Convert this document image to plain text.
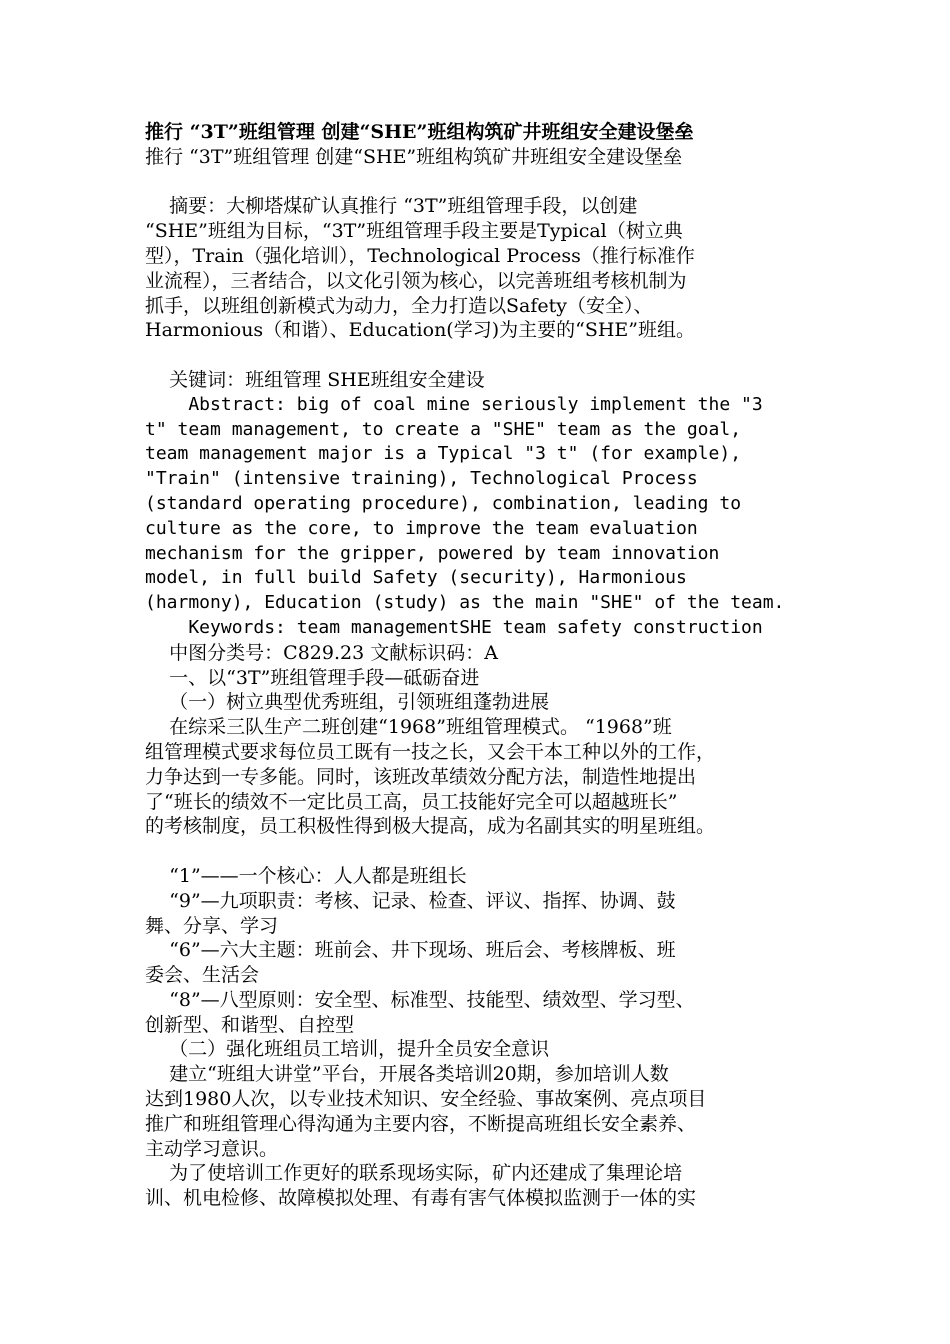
推行 “3T”班组管理 创建“SHE”班组构筑矿井班组安全建设堡垒
推行 “3T”班组管理 创建“SHE”班组构筑矿井班组安全建设堡垒
摘要：大柳塔煤矿认真推行 “3T”班组管理手段，以创建
“SHE”班组为目标，“3T”班组管理手段主要是Typical（树立典
型），Train（强化培训），Technological Process（推行标准作
业流程），三者结合，以文化引领为核心，以完善班组考核机制为
抓手，以班组创新模式为动力，全力打造以Safety（安全）、
Harmonious（和谐）、Education(学习)为主要的“SHE”班组。
关键词：班组管理 SHE班组安全建设
Abstract: big of coal mine seriously implement the "3
t" team management, to create a "SHE" team as the goal,
team management major is a Typical "3 t" (for example),
"Train" (intensive training), Technological Process
(standard operating procedure), combination, leading to
culture as the core, to improve the team evaluation
mechanism for the gripper, powered by team innovation
model, in full build Safety (security), Harmonious
(harmony), Education (study) as the main "SHE" of the team.
Keywords: team managementSHE team safety construction
中图分类号：C829.23 文献标识码：A
一、以“3T”班组管理手段—砥砺奋进
（一）树立典型优秀班组，引领班组蓬勃进展
在综采三队生产二班创建“1968”班组管理模式。 “1968”班
组管理模式要求每位员工既有一技之长，又会干本工种以外的工作，
力争达到一专多能。同时，该班改革绩效分配方法，制造性地提出
了“班长的绩效不一定比员工高，员工技能好完全可以超越班长”
的考核制度，员工积极性得到极大提高，成为名副其实的明星班组。
“1”——一个核心：人人都是班组长
“9”—九项职责：考核、记录、检查、评议、指挥、协调、鼓
舞、分享、学习
“6”—六大主题：班前会、井下现场、班后会、考核牌板、班
委会、生活会
“8”—八型原则：安全型、标准型、技能型、绩效型、学习型、
创新型、和谐型、自控型
（二）强化班组员工培训，提升全员安全意识
建立“班组大讲堂”平台，开展各类培训20期，参加培训人数
达到1980人次，以专业技术知识、安全经验、事故案例、亮点项目
推广和班组管理心得沟通为主要内容，不断提高班组长安全素养、
主动学习意识。
为了使培训工作更好的联系现场实际，矿内还建成了集理论培
训、机电检修、故障模拟处理、有毒有害气体模拟监测于一体的实
